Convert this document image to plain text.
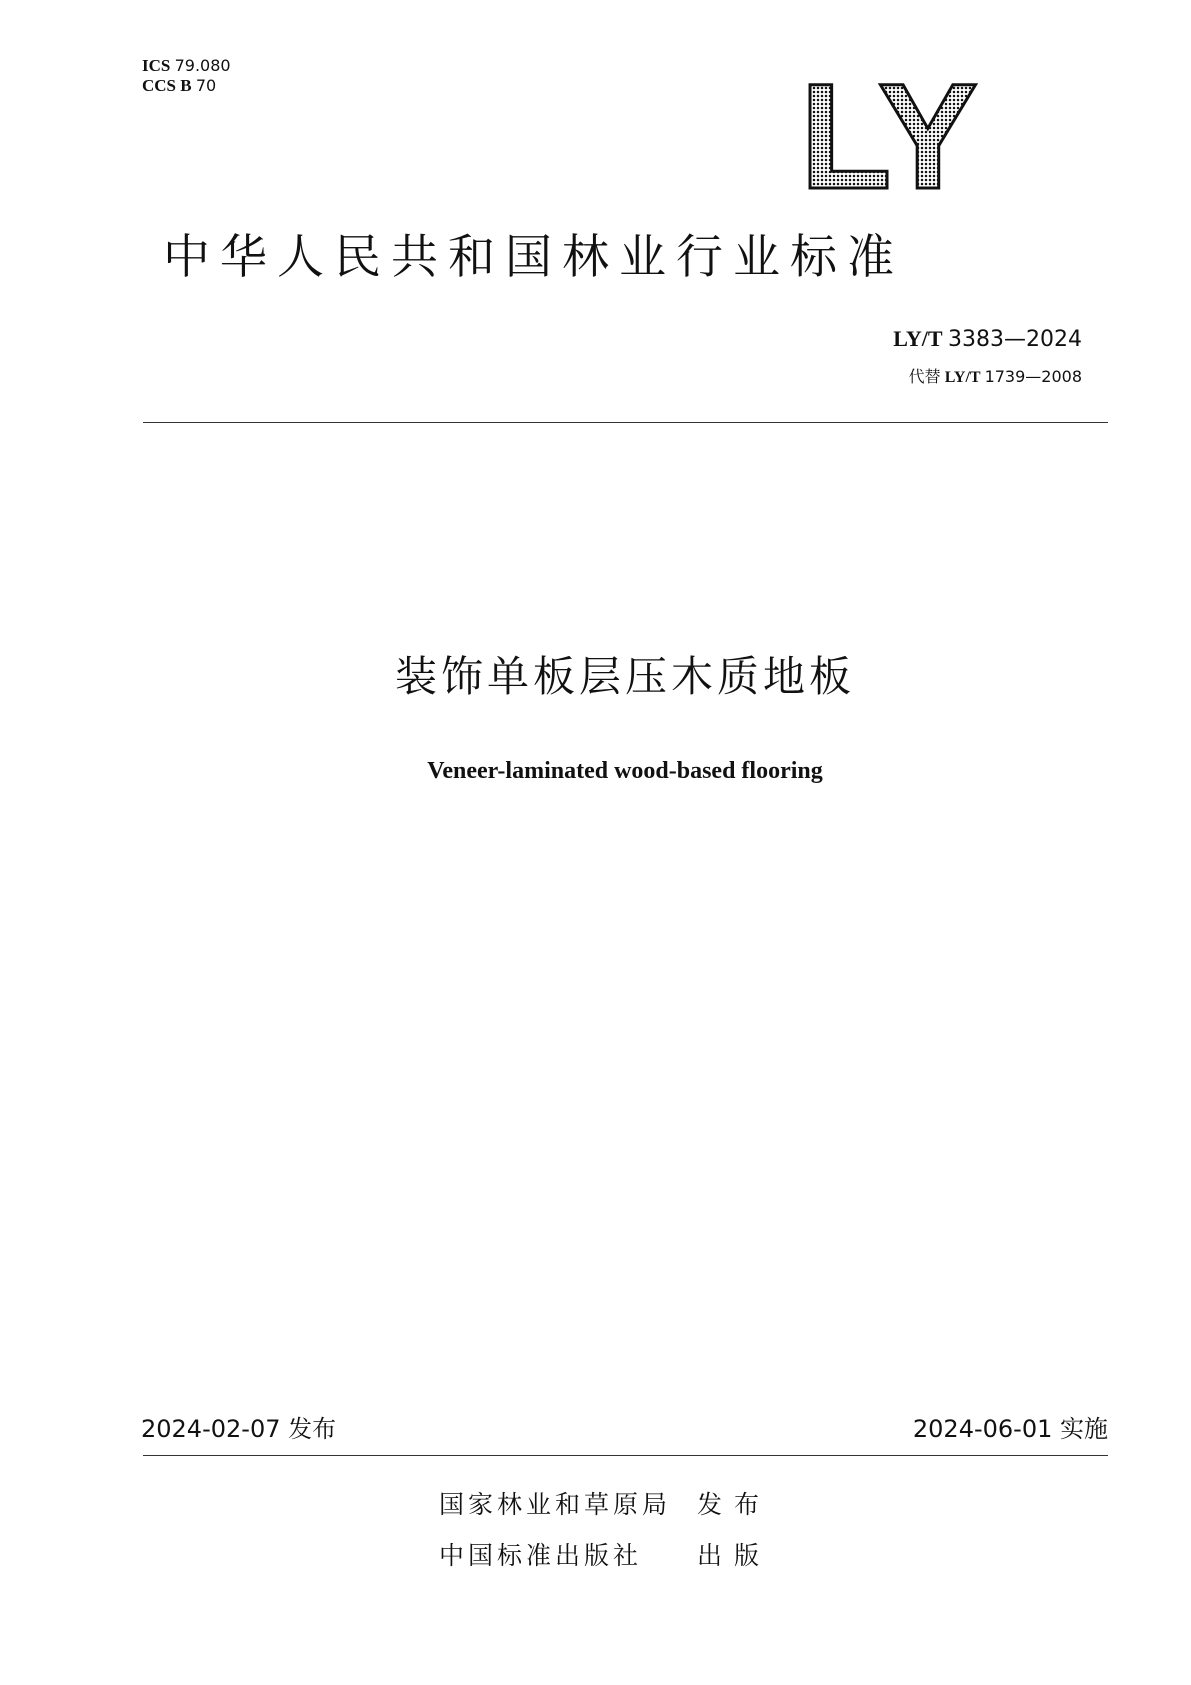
ICS 79.080
CCS B 70	LY
中华人民共和国林业行业标准
LY/T 3383—2024
代替 LY/T 1739—2008
装饰单板层压木质地板
Veneer-laminated wood-based flooring
2024-02-07 发布	2024-06-01 实施
国家林业和草原局 发布
中国标准出版社 出版
